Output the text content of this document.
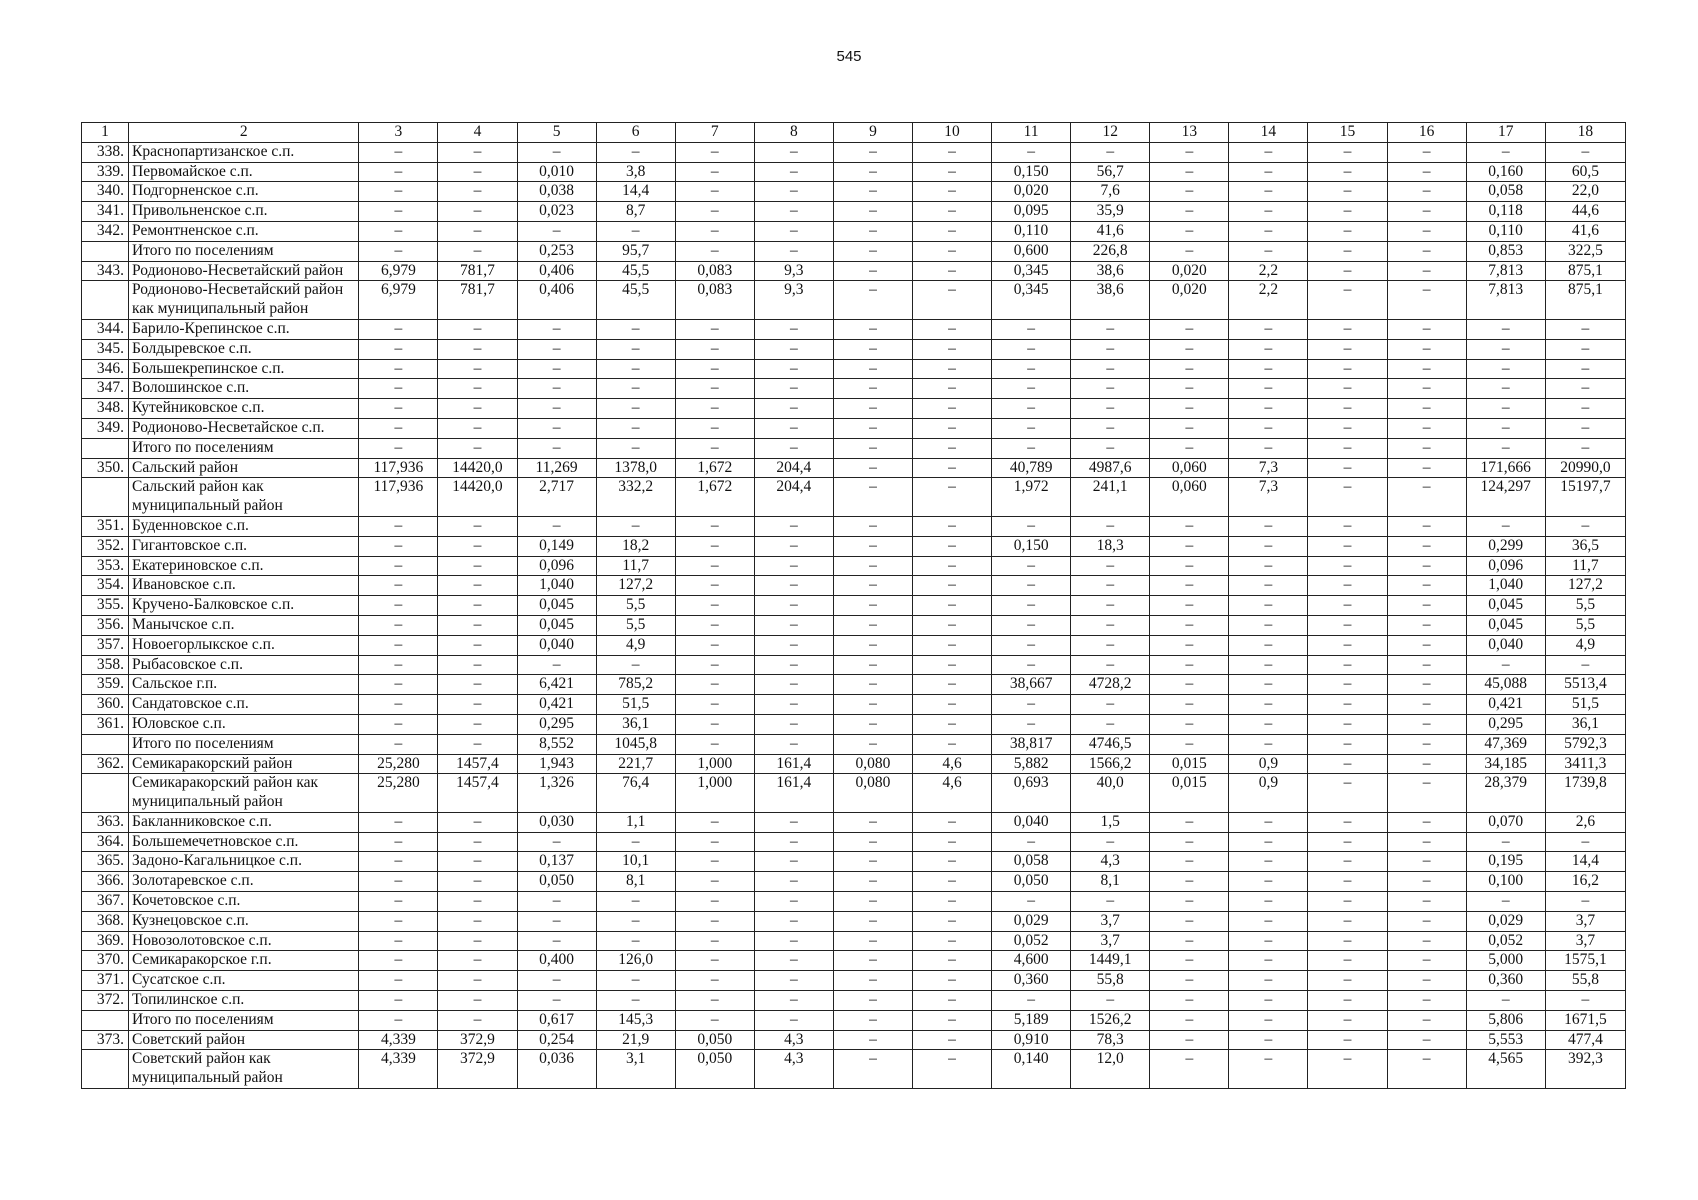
545
1	2	3	4	5	6	7	8	9	10	11	12	13	14	15	16	17	18
338.	Краснопартизанское с.п.	–	–	–	–	–	–	–	–	–	–	–	–	–	–	–	–
339.	Первомайское с.п.	–	–	0,010	3,8	–	–	–	–	0,150	56,7	–	–	–	–	0,160	60,5
340.	Подгорненское с.п.	–	–	0,038	14,4	–	–	–	–	0,020	7,6	–	–	–	–	0,058	22,0
341.	Привольненское с.п.	–	–	0,023	8,7	–	–	–	–	0,095	35,9	–	–	–	–	0,118	44,6
342.	Ремонтненское с.п.	–	–	–	–	–	–	–	–	0,110	41,6	–	–	–	–	0,110	41,6
	Итого по поселениям	–	–	0,253	95,7	–	–	–	–	0,600	226,8	–	–	–	–	0,853	322,5
343.	Родионово-Несветайский район	6,979	781,7	0,406	45,5	0,083	9,3	–	–	0,345	38,6	0,020	2,2	–	–	7,813	875,1
	Родионово-Несветайский район как муниципальный район	6,979	781,7	0,406	45,5	0,083	9,3	–	–	0,345	38,6	0,020	2,2	–	–	7,813	875,1
344.	Барило-Крепинское с.п.	–	–	–	–	–	–	–	–	–	–	–	–	–	–	–	–
345.	Болдыревское с.п.	–	–	–	–	–	–	–	–	–	–	–	–	–	–	–	–
346.	Большекрепинское с.п.	–	–	–	–	–	–	–	–	–	–	–	–	–	–	–	–
347.	Волошинское с.п.	–	–	–	–	–	–	–	–	–	–	–	–	–	–	–	–
348.	Кутейниковское с.п.	–	–	–	–	–	–	–	–	–	–	–	–	–	–	–	–
349.	Родионово-Несветайское с.п.	–	–	–	–	–	–	–	–	–	–	–	–	–	–	–	–
	Итого по поселениям	–	–	–	–	–	–	–	–	–	–	–	–	–	–	–	–
350.	Сальский район	117,936	14420,0	11,269	1378,0	1,672	204,4	–	–	40,789	4987,6	0,060	7,3	–	–	171,666	20990,0
	Сальский район как муниципальный район	117,936	14420,0	2,717	332,2	1,672	204,4	–	–	1,972	241,1	0,060	7,3	–	–	124,297	15197,7
351.	Буденновское с.п.	–	–	–	–	–	–	–	–	–	–	–	–	–	–	–	–
352.	Гигантовское с.п.	–	–	0,149	18,2	–	–	–	–	0,150	18,3	–	–	–	–	0,299	36,5
353.	Екатериновское с.п.	–	–	0,096	11,7	–	–	–	–	–	–	–	–	–	–	0,096	11,7
354.	Ивановское с.п.	–	–	1,040	127,2	–	–	–	–	–	–	–	–	–	–	1,040	127,2
355.	Кручено-Балковское с.п.	–	–	0,045	5,5	–	–	–	–	–	–	–	–	–	–	0,045	5,5
356.	Манычское с.п.	–	–	0,045	5,5	–	–	–	–	–	–	–	–	–	–	0,045	5,5
357.	Новоегорлыкское с.п.	–	–	0,040	4,9	–	–	–	–	–	–	–	–	–	–	0,040	4,9
358.	Рыбасовское с.п.	–	–	–	–	–	–	–	–	–	–	–	–	–	–	–	–
359.	Сальское г.п.	–	–	6,421	785,2	–	–	–	–	38,667	4728,2	–	–	–	–	45,088	5513,4
360.	Сандатовское с.п.	–	–	0,421	51,5	–	–	–	–	–	–	–	–	–	–	0,421	51,5
361.	Юловское с.п.	–	–	0,295	36,1	–	–	–	–	–	–	–	–	–	–	0,295	36,1
	Итого по поселениям	–	–	8,552	1045,8	–	–	–	–	38,817	4746,5	–	–	–	–	47,369	5792,3
362.	Семикаракорский район	25,280	1457,4	1,943	221,7	1,000	161,4	0,080	4,6	5,882	1566,2	0,015	0,9	–	–	34,185	3411,3
	Семикаракорский район как муниципальный район	25,280	1457,4	1,326	76,4	1,000	161,4	0,080	4,6	0,693	40,0	0,015	0,9	–	–	28,379	1739,8
363.	Бакланниковское с.п.	–	–	0,030	1,1	–	–	–	–	0,040	1,5	–	–	–	–	0,070	2,6
364.	Большемечетновское с.п.	–	–	–	–	–	–	–	–	–	–	–	–	–	–	–	–
365.	Задоно-Кагальницкое с.п.	–	–	0,137	10,1	–	–	–	–	0,058	4,3	–	–	–	–	0,195	14,4
366.	Золотаревское с.п.	–	–	0,050	8,1	–	–	–	–	0,050	8,1	–	–	–	–	0,100	16,2
367.	Кочетовское с.п.	–	–	–	–	–	–	–	–	–	–	–	–	–	–	–	–
368.	Кузнецовское с.п.	–	–	–	–	–	–	–	–	0,029	3,7	–	–	–	–	0,029	3,7
369.	Новозолотовское с.п.	–	–	–	–	–	–	–	–	0,052	3,7	–	–	–	–	0,052	3,7
370.	Семикаракорское г.п.	–	–	0,400	126,0	–	–	–	–	4,600	1449,1	–	–	–	–	5,000	1575,1
371.	Сусатское с.п.	–	–	–	–	–	–	–	–	0,360	55,8	–	–	–	–	0,360	55,8
372.	Топилинское с.п.	–	–	–	–	–	–	–	–	–	–	–	–	–	–	–	–
	Итого по поселениям	–	–	0,617	145,3	–	–	–	–	5,189	1526,2	–	–	–	–	5,806	1671,5
373.	Советский район	4,339	372,9	0,254	21,9	0,050	4,3	–	–	0,910	78,3	–	–	–	–	5,553	477,4
	Советский район как муниципальный район	4,339	372,9	0,036	3,1	0,050	4,3	–	–	0,140	12,0	–	–	–	–	4,565	392,3
